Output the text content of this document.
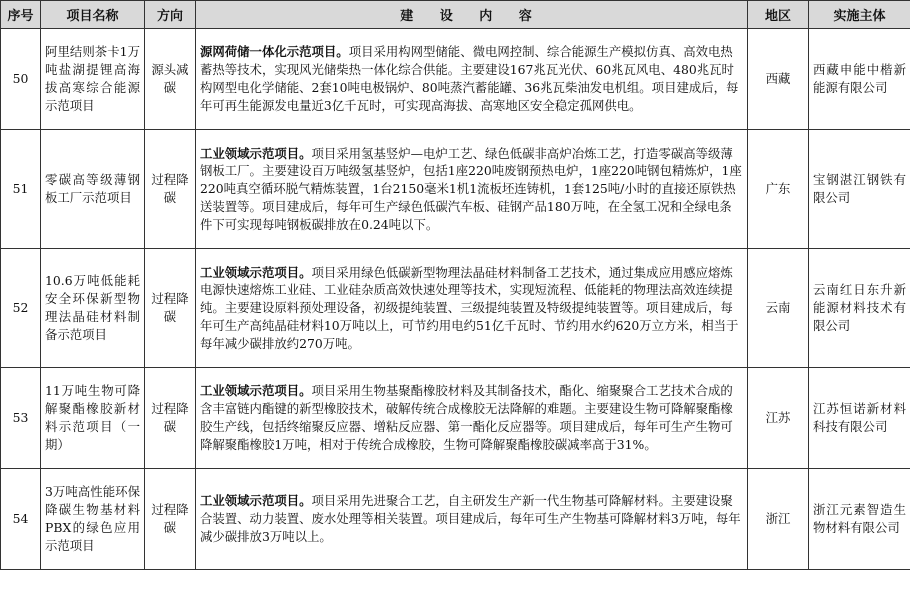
序号	项目名称	方向	建 设 内 容	地区	实施主体
50	阿里结则茶卡1万吨盐湖提锂高海拔高寒综合能源示范项目	源头减碳	源网荷储一体化示范项目。项目采用构网型储能、微电网控制、综合能源生产模拟仿真、高效电热蓄热等技术，实现风光储柴热一体化综合供能。主要建设167兆瓦光伏、60兆瓦风电、480兆瓦时构网型电化学储能、2套10吨电极锅炉、80吨蒸汽蓄能罐、36兆瓦柴油发电机组。项目建成后，每年可再生能源发电量近3亿千瓦时，可实现高海拔、高寒地区安全稳定孤网供电。	西藏	西藏申能中楷新能源有限公司
51	零碳高等级薄钢板工厂示范项目	过程降碳	工业领域示范项目。项目采用氢基竖炉—电炉工艺、绿色低碳非高炉冶炼工艺，打造零碳高等级薄钢板工厂。主要建设百万吨级氢基竖炉，包括1座220吨废钢预热电炉，1座220吨钢包精炼炉，1座220吨真空循环脱气精炼装置，1台2150毫米1机1流板坯连铸机，1套125吨/小时的直接还原铁热送装置等。项目建成后，每年可生产绿色低碳汽车板、硅钢产品180万吨，在全氢工况和全绿电条件下可实现每吨钢板碳排放在0.24吨以下。	广东	宝钢湛江钢铁有限公司
52	10.6万吨低能耗安全环保新型物理法晶硅材料制备示范项目	过程降碳	工业领域示范项目。项目采用绿色低碳新型物理法晶硅材料制备工艺技术，通过集成应用感应熔炼电源快速熔炼工业硅、工业硅杂质高效快速处理等技术，实现短流程、低能耗的物理法高效连续提纯。主要建设原料预处理设备，初级提纯装置、三级提纯装置及特级提纯装置等。项目建成后，每年可生产高纯晶硅材料10万吨以上，可节约用电约51亿千瓦时、节约用水约620万立方米，相当于每年减少碳排放约270万吨。	云南	云南红日东升新能源材料技术有限公司
53	11万吨生物可降解聚酯橡胶新材料示范项目（一期）	过程降碳	工业领域示范项目。项目采用生物基聚酯橡胶材料及其制备技术，酯化、缩聚聚合工艺技术合成的含丰富链内酯键的新型橡胶技术，破解传统合成橡胶无法降解的难题。主要建设生物可降解聚酯橡胶生产线，包括终缩聚反应器、增粘反应器、第一酯化反应器等。项目建成后，每年可生产生物可降解聚酯橡胶1万吨，相对于传统合成橡胶，生物可降解聚酯橡胶碳减率高于31%。	江苏	江苏恒诺新材料科技有限公司
54	3万吨高性能环保降碳生物基材料PBX的绿色应用示范项目	过程降碳	工业领域示范项目。项目采用先进聚合工艺，自主研发生产新一代生物基可降解材料。主要建设聚合装置、动力装置、废水处理等相关装置。项目建成后，每年可生产生物基可降解材料3万吨，每年减少碳排放3万吨以上。	浙江	浙江元素智造生物材料有限公司
